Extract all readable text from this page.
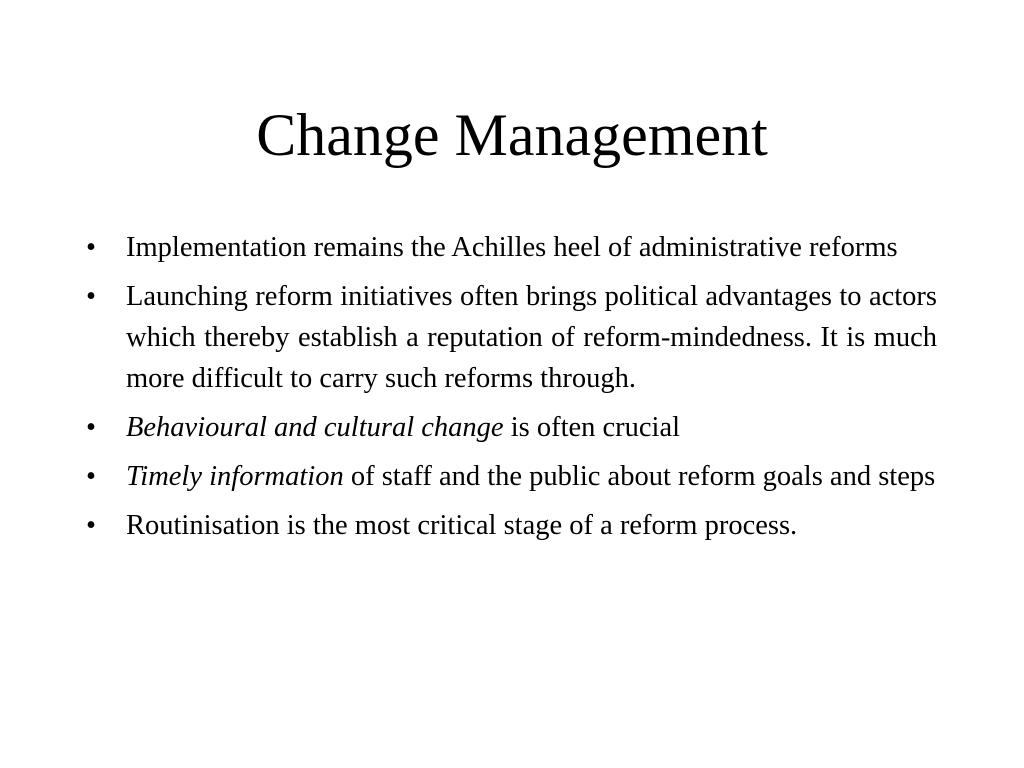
Change Management
•	Implementation remains the Achilles heel of administrative reforms
•	Launching reform initiatives often brings political advantages to actors which thereby establish a reputation of reform-mindedness. It is much more difficult to carry such reforms through.
•	Behavioural and cultural change is often crucial
•	Timely information of staff and the public about reform goals and steps
•	Routinisation is the most critical stage of a reform process.
